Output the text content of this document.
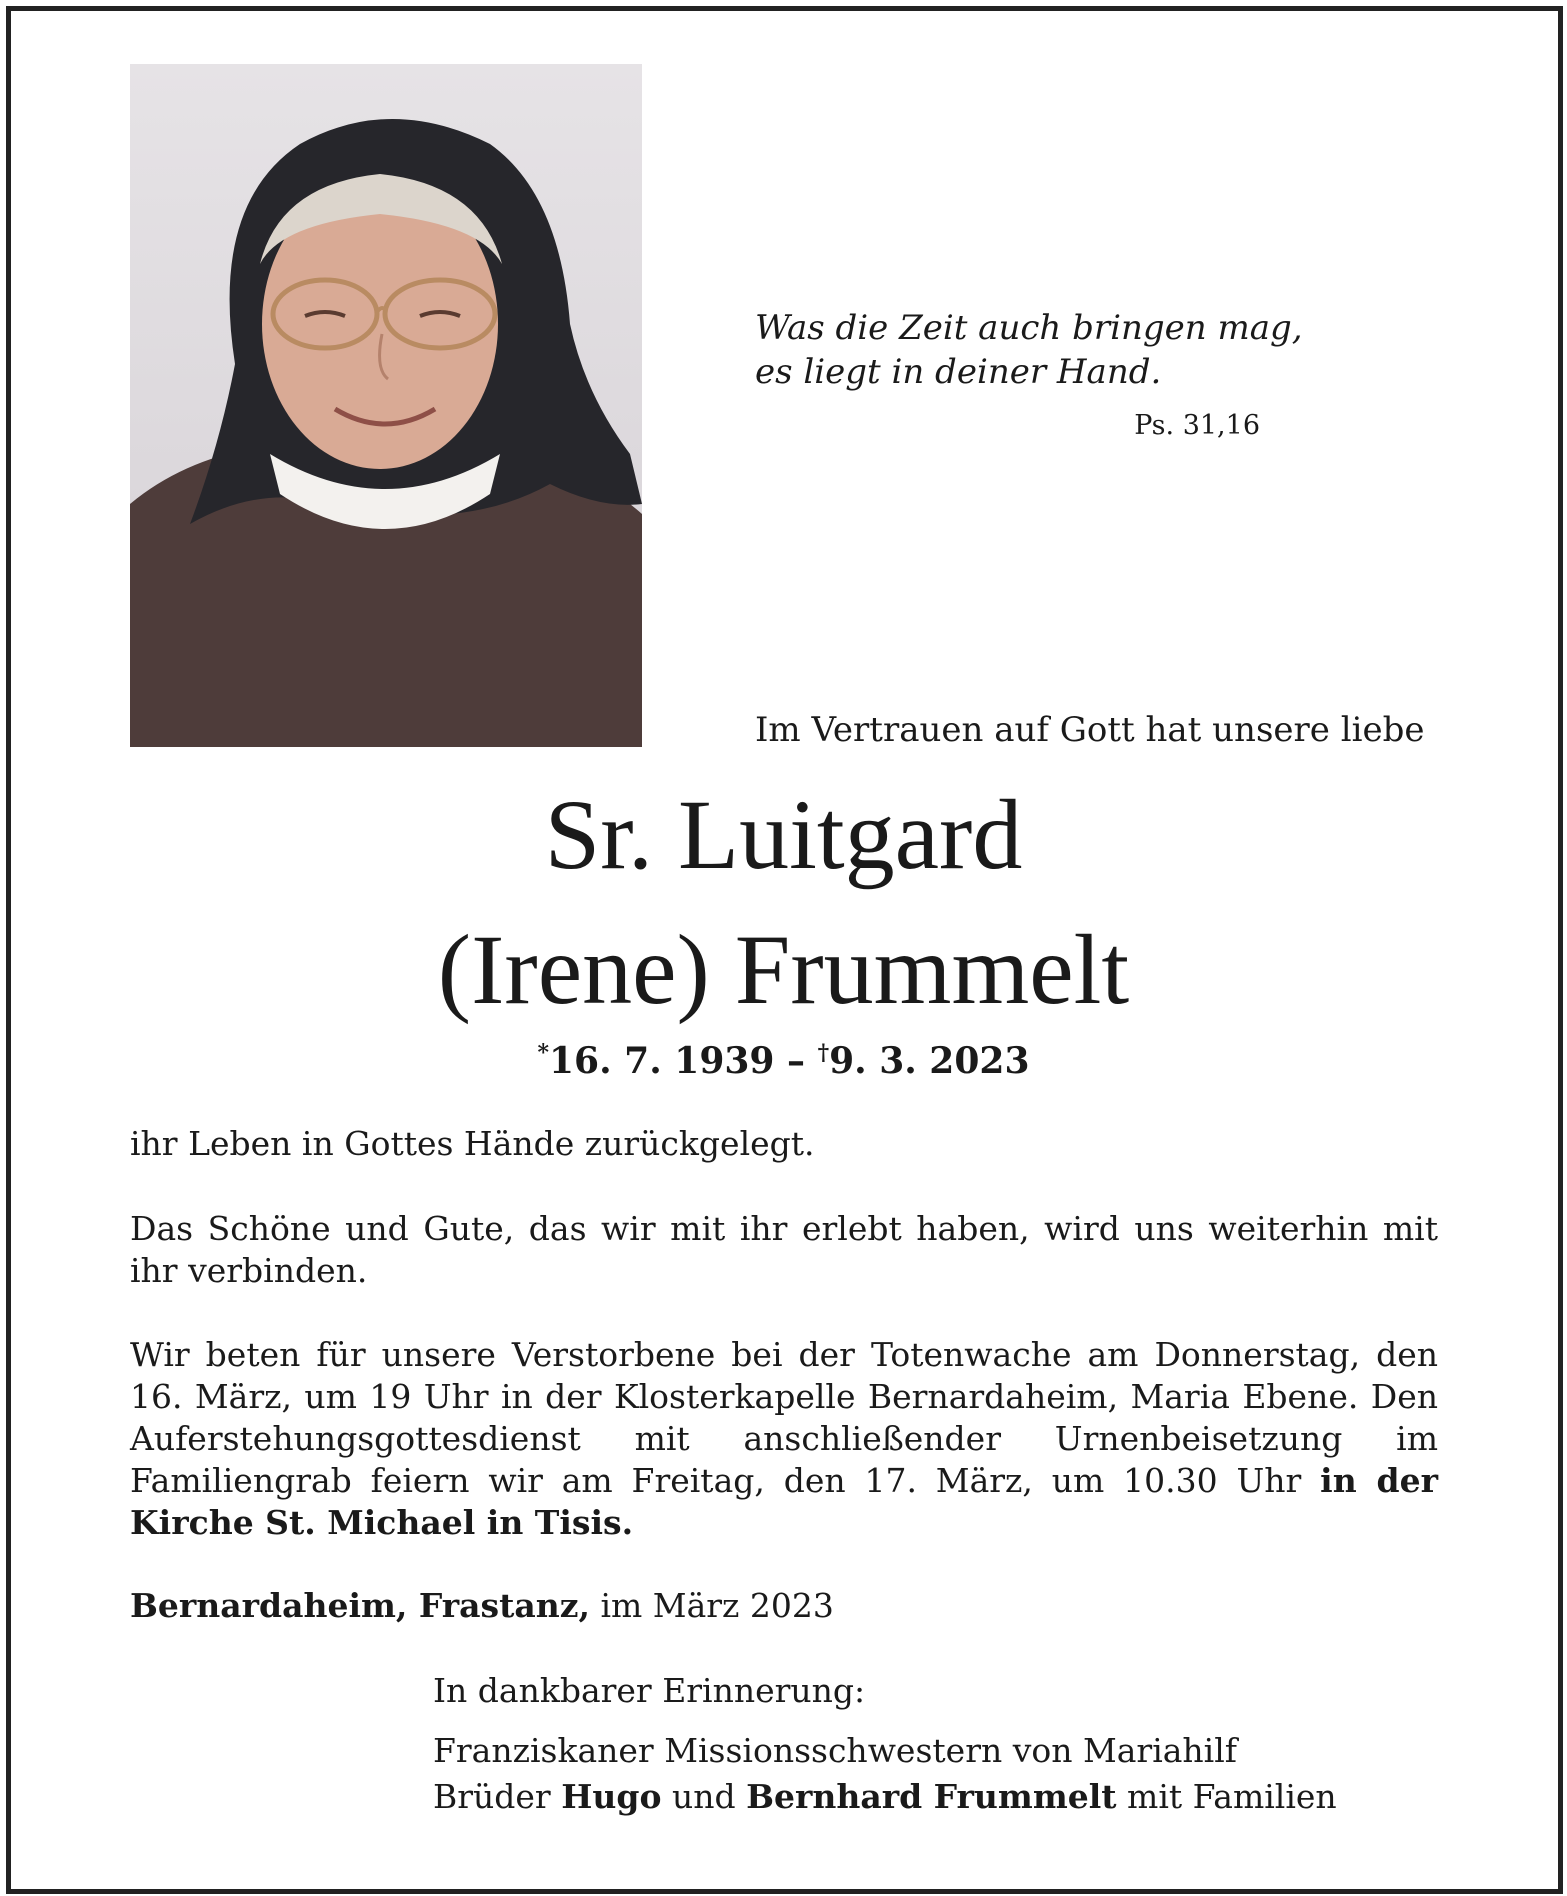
Was die Zeit auch bringen mag,
es liegt in deiner Hand.
Ps. 31,16
Im Vertrauen auf Gott hat unsere liebe
Sr. Luitgard
(Irene) Frummelt
*16. 7. 1939 – †9. 3. 2023
ihr Leben in Gottes Hände zurückgelegt.
Das Schöne und Gute, das wir mit ihr erlebt haben, wird uns weiterhin mit ihr verbinden.
Wir beten für unsere Verstorbene bei der Totenwache am Donnerstag, den 16. März, um 19 Uhr in der Klosterkapelle Bernardaheim, Maria Ebene. Den Auferstehungsgottesdienst mit anschließender Urnenbeisetzung im Familiengrab feiern wir am Freitag, den 17. März, um 10.30 Uhr in der Kirche St. Michael in Tisis.
Bernardaheim, Frastanz, im März 2023
In dankbarer Erinnerung:
Franziskaner Missionsschwestern von Mariahilf
Brüder Hugo und Bernhard Frummelt mit Familien
